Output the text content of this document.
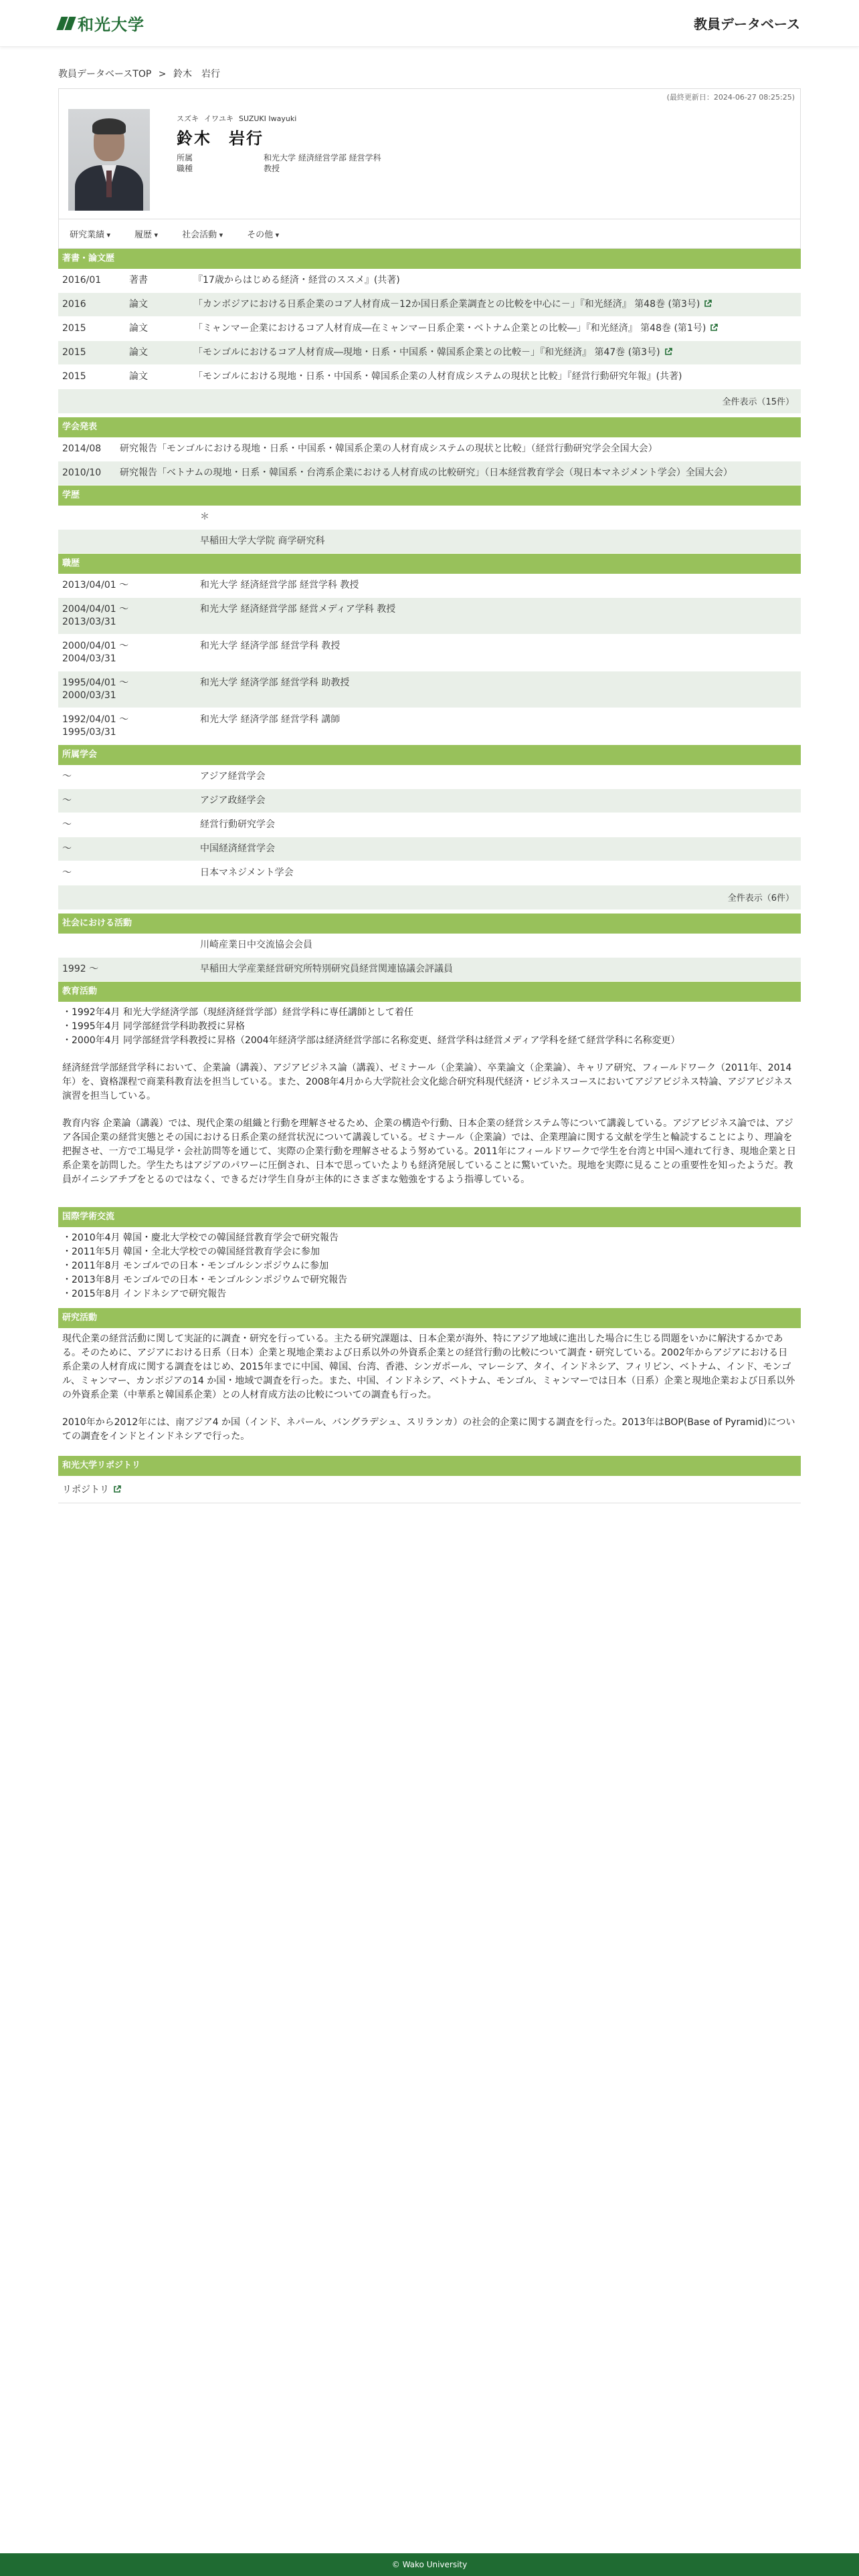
和光大学	教員データベース
教員データベースTOP > 鈴木　岩行
(最終更新日：2024-06-27 08:25:25)
スズキ イワユキ SUZUKI Iwayuki
鈴木　岩行
所属	和光大学 経済経営学部 経営学科
職種	教授
研究業績 ▾	履歴 ▾	社会活動 ▾	その他 ▾
著書・論文歴
2016/01	著書	『17歳からはじめる経済・経営のススメ』(共著)
2016	論文	「カンボジアにおける日系企業のコア人材育成－12か国日系企業調査との比較を中心に－」『和光経済』 第48巻 (第3号)
2015	論文	「ミャンマー企業におけるコア人材育成―在ミャンマー日系企業・ベトナム企業との比較―」『和光経済』 第48巻 (第1号)
2015	論文	「モンゴルにおけるコア人材育成―現地・日系・中国系・韓国系企業との比較－」『和光経済』 第47巻 (第3号)
2015	論文	「モンゴルにおける現地・日系・中国系・韓国系企業の人材育成システムの現状と比較」『経営行動研究年報』(共著)
全件表示（15件）
学会発表
2014/08	研究報告「モンゴルにおける現地・日系・中国系・韓国系企業の人材育成システムの現状と比較」（経営行動研究学会全国大会）
2010/10	研究報告「ベトナムの現地・日系・韓国系・台湾系企業における人材育成の比較研究」（日本経営教育学会（現日本マネジメント学会）全国大会）
学歴
	＊
	早稲田大学大学院 商学研究科
職歴
2013/04/01 ～	和光大学 経済経営学部 経営学科 教授

2004/04/01 ～
2013/03/31	和光大学 経済経営学部 経営メディア学科 教授

2000/04/01 ～
2004/03/31	和光大学 経済学部 経営学科 教授

1995/04/01 ～
2000/03/31	和光大学 経済学部 経営学科 助教授

1992/04/01 ～
1995/03/31	和光大学 経済学部 経営学科 講師
所属学会
～	アジア経営学会
～	アジア政経学会
～	経営行動研究学会
～	中国経済経営学会
～	日本マネジメント学会
全件表示（6件）
社会における活動
	川崎産業日中交流協会会員
1992 ～	早稲田大学産業経営研究所特別研究員経営関連協議会評議員
教育活動
・1992年4月 和光大学経済学部（現経済経営学部）経営学科に専任講師として着任
・1995年4月 同学部経営学科助教授に昇格
・2000年4月 同学部経営学科教授に昇格（2004年経済学部は経済経営学部に名称変更、経営学科は経営メディア学科を経て経営学科に名称変更）

経済経営学部経営学科において、企業論（講義）、アジアビジネス論（講義）、ゼミナール（企業論）、卒業論文（企業論）、キャリア研究、フィールドワーク（2011年、2014年）を、資格課程で商業科教育法を担当している。また、2008年4月から大学院社会文化総合研究科現代経済・ビジネスコースにおいてアジアビジネス特論、アジアビジネス演習を担当している。

教育内容 企業論（講義）では、現代企業の組織と行動を理解させるため、企業の構造や行動、日本企業の経営システム等について講義している。アジアビジネス論では、アジア各国企業の経営実態とその国における日系企業の経営状況について講義している。ゼミナール（企業論）では、企業理論に関する文献を学生と輪読することにより、理論を把握させ、一方で工場見学・会社訪問等を通じて、実際の企業行動を理解させるよう努めている。2011年にフィールドワークで学生を台湾と中国へ連れて行き、現地企業と日系企業を訪問した。学生たちはアジアのパワーに圧倒され、日本で思っていたよりも経済発展していることに驚いていた。現地を実際に見ることの重要性を知ったようだ。教員がイニシアチブをとるのではなく、できるだけ学生自身が主体的にさまざまな勉強をするよう指導している。

国際学術交流
・2010年4月 韓国・慶北大学校での韓国経営教育学会で研究報告
・2011年5月 韓国・全北大学校での韓国経営教育学会に参加
・2011年8月 モンゴルでの日本・モンゴルシンポジウムに参加
・2013年8月 モンゴルでの日本・モンゴルシンポジウムで研究報告
・2015年8月 インドネシアで研究報告
研究活動

現代企業の経営活動に関して実証的に調査・研究を行っている。主たる研究課題は、日本企業が海外、特にアジア地域に進出した場合に生じる問題をいかに解決するかである。そのために、アジアにおける日系（日本）企業と現地企業および日系以外の外資系企業との経営行動の比較について調査・研究している。2002年からアジアにおける日系企業の人材育成に関する調査をはじめ、2015年までに中国、韓国、台湾、香港、シンガポール、マレーシア、タイ、インドネシア、フィリピン、ベトナム、インド、モンゴル、ミャンマー、カンボジアの14 か国・地域で調査を行った。また、中国、インドネシア、ベトナム、モンゴル、ミャンマーでは日本（日系）企業と現地企業および日系以外の外資系企業（中華系と韓国系企業）との人材育成方法の比較についての調査も行った。

2010年から2012年には、南アジア4 か国（インド、ネパール、バングラデシュ、スリランカ）の社会的企業に関する調査を行った。2013年はBOP(Base of Pyramid)についての調査をインドとインドネシアで行った。

和光大学リポジトリ
リポジトリ
© Wako University
